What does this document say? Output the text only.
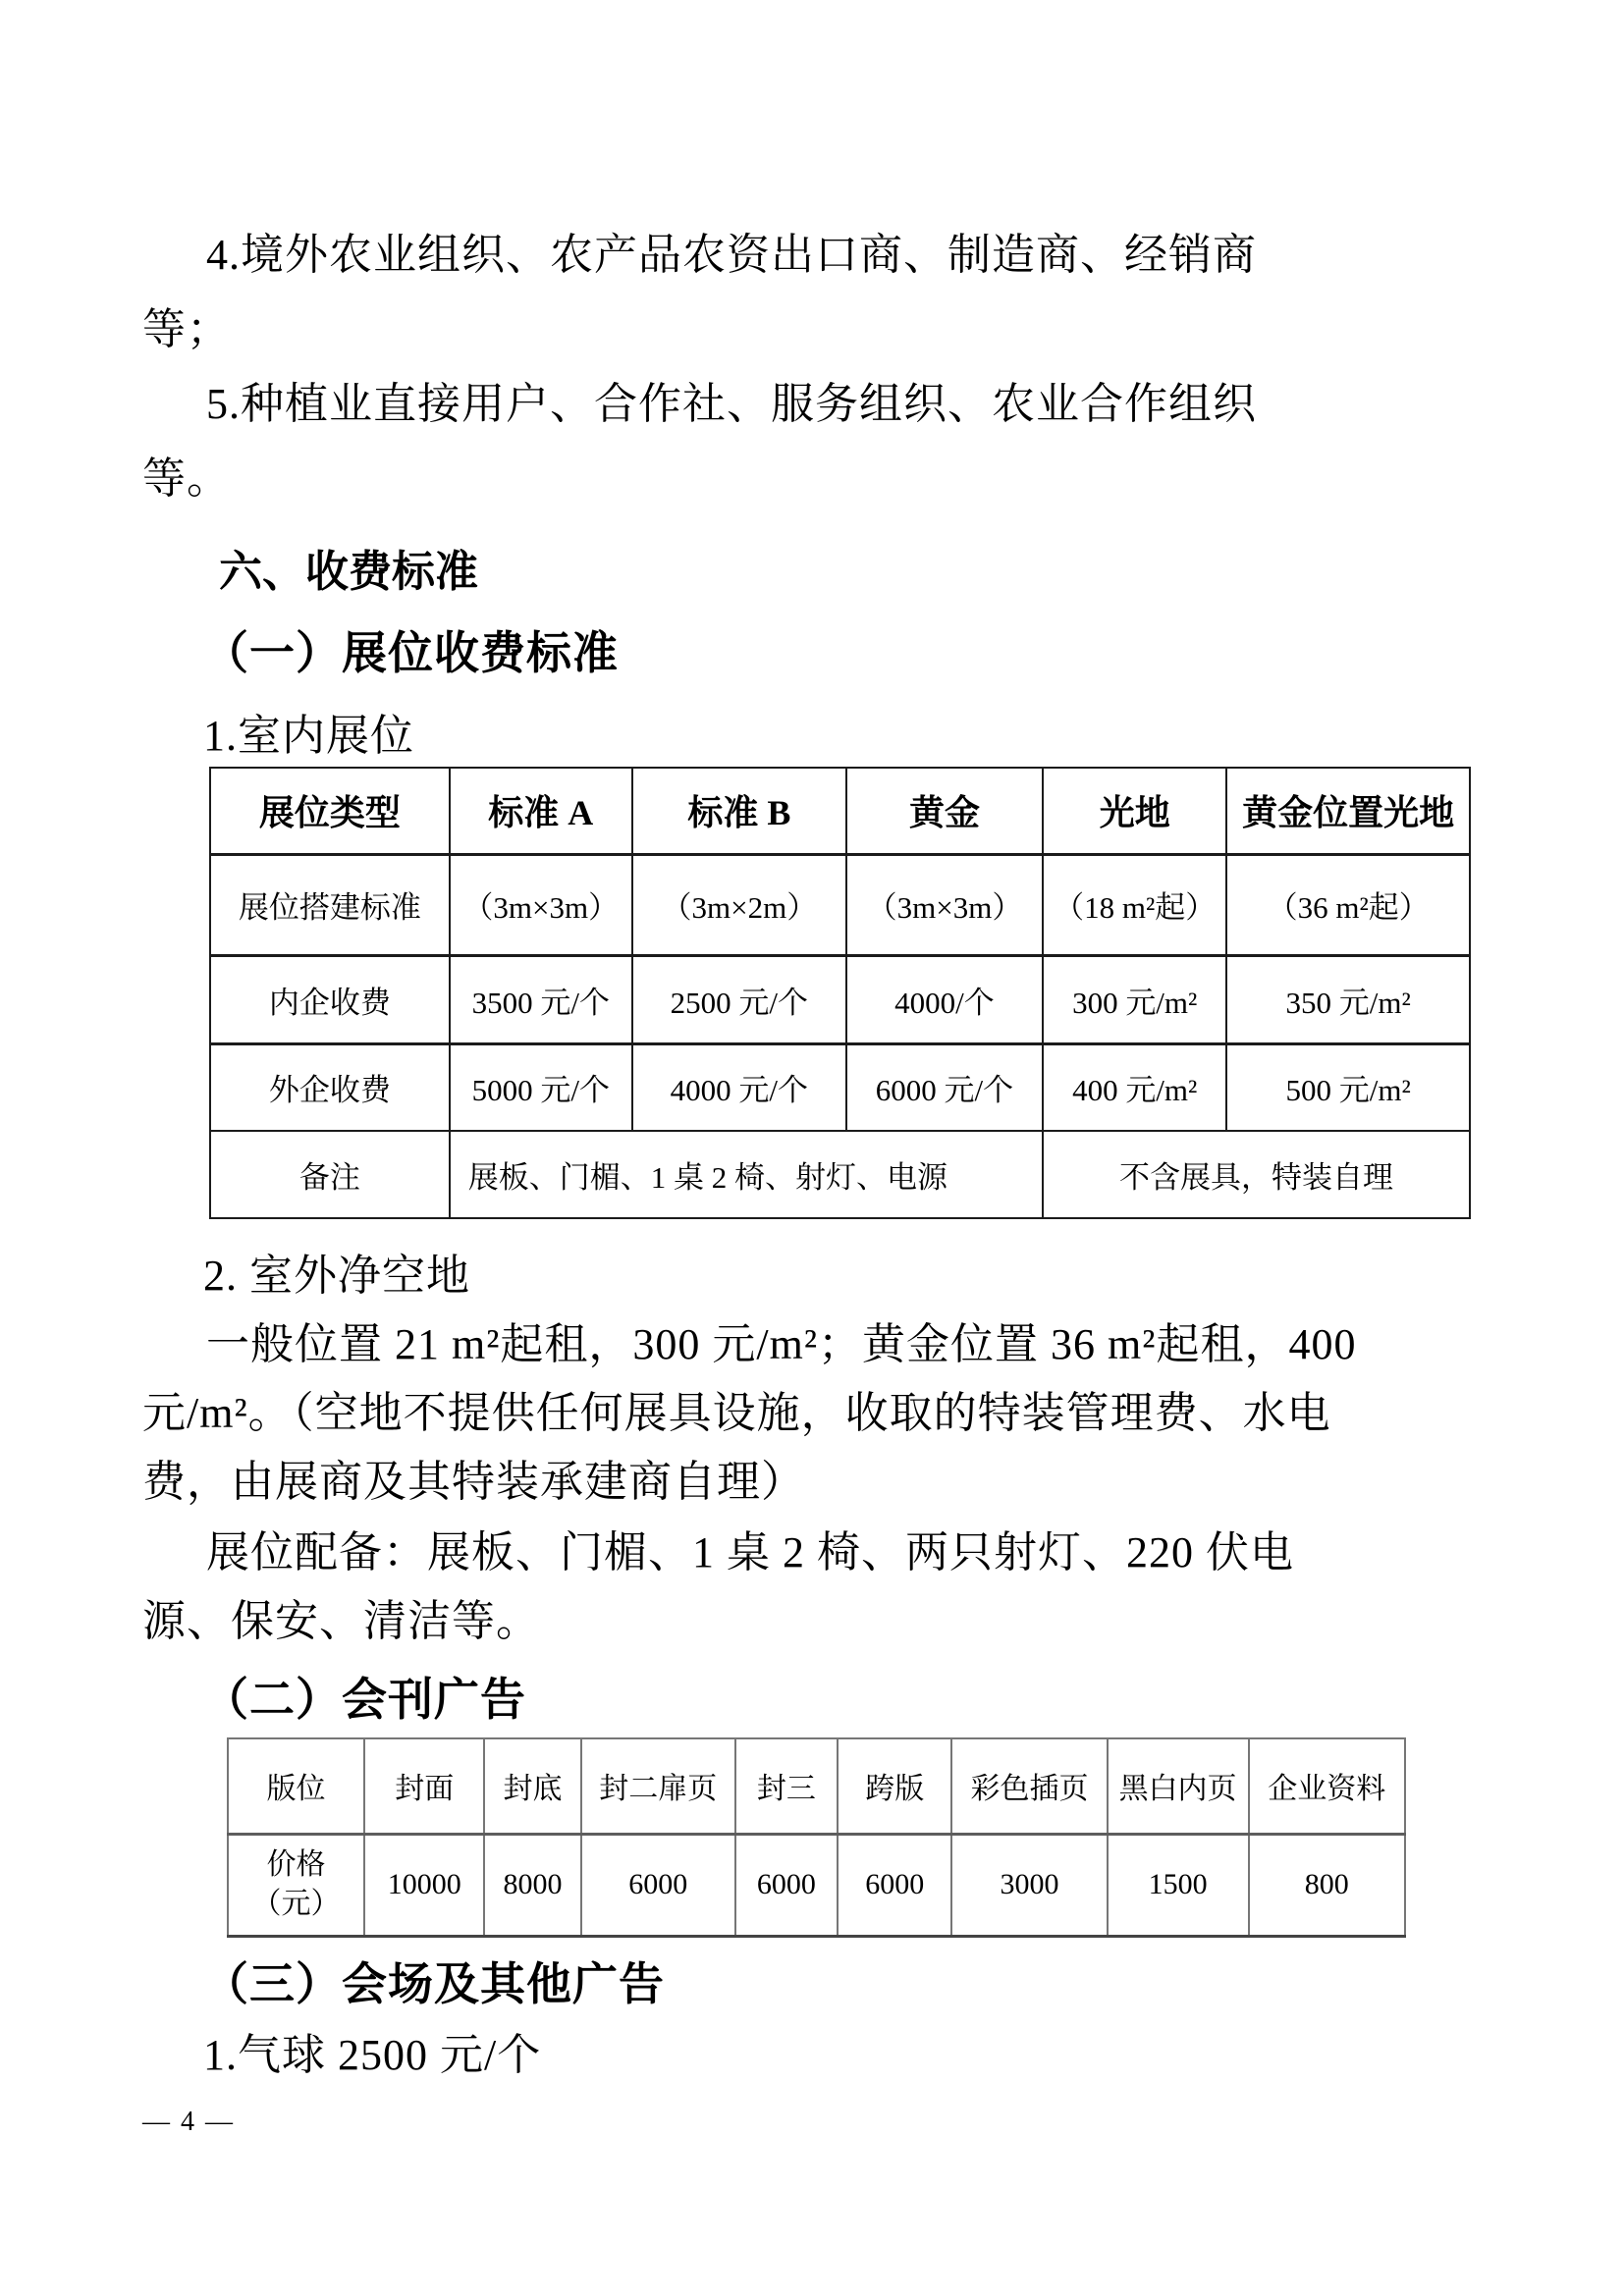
4.境外农业组织、农产品农资出口商、制造商、经销商
等；
5.种植业直接用户、合作社、服务组织、农业合作组织
等。
六、收费标准
（一）展位收费标准
1.室内展位
展位类型	标准 A	标准 B	黄金	光地	黄金位置光地
展位搭建标准	（3m×3m）	（3m×2m）	（3m×3m）	（18 m²起）	（36 m²起）
内企收费	3500 元/个	2500 元/个	4000/个	300 元/m²	350 元/m²
外企收费	5000 元/个	4000 元/个	6000 元/个	400 元/m²	500 元/m²
备注	展板、门楣、1 桌 2 椅、射灯、电源			不含展具，特装自理	
2. 室外净空地
一般位置 21 m²起租，300 元/m²；黄金位置 36 m²起租，400
元/m²。（空地不提供任何展具设施，收取的特装管理费、水电
费，由展商及其特装承建商自理）
展位配备：展板、门楣、1 桌 2 椅、两只射灯、220 伏电
源、保安、清洁等。
（二）会刊广告
版位	封面	封底	封二扉页	封三	跨版	彩色插页	黑白内页	企业资料

价格
（元）	10000	8000	6000	6000	6000	3000	1500	800
（三）会场及其他广告
1.气球 2500 元/个
— 4 —
